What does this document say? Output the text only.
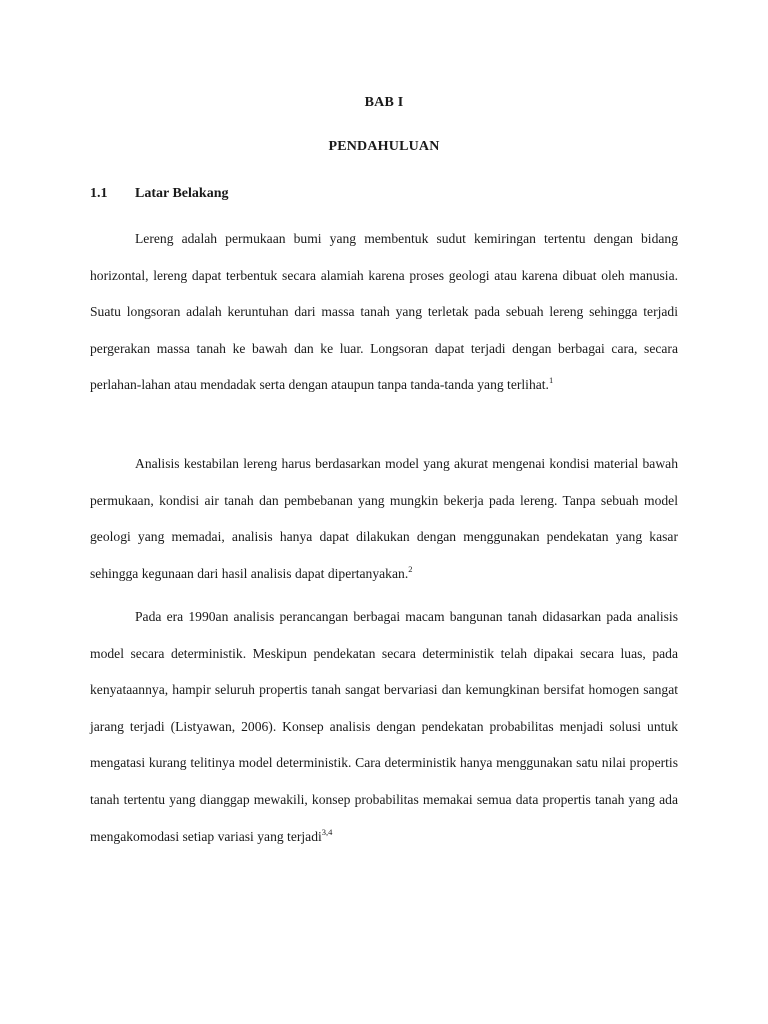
BAB I
PENDAHULUAN
1.1 Latar Belakang

Lereng adalah permukaan bumi yang membentuk sudut kemiringan tertentu dengan bidang horizontal, lereng dapat terbentuk secara alamiah karena proses geologi atau karena dibuat oleh manusia. Suatu longsoran adalah keruntuhan dari massa tanah yang terletak pada sebuah lereng sehingga terjadi pergerakan massa tanah ke bawah dan ke luar. Longsoran dapat terjadi dengan berbagai cara, secara perlahan-lahan atau mendadak serta dengan ataupun tanpa tanda-tanda yang terlihat.$^1$

Analisis kestabilan lereng harus berdasarkan model yang akurat mengenai kondisi material bawah permukaan, kondisi air tanah dan pembebanan yang mungkin bekerja pada lereng. Tanpa sebuah model geologi yang memadai, analisis hanya dapat dilakukan dengan menggunakan pendekatan yang kasar sehingga kegunaan dari hasil analisis dapat dipertanyakan.$^2$

Pada era 1990an analisis perancangan berbagai macam bangunan tanah didasarkan pada analisis model secara deterministik. Meskipun pendekatan secara deterministik telah dipakai secara luas, pada kenyataannya, hampir seluruh propertis tanah sangat bervariasi dan kemungkinan bersifat homogen sangat jarang terjadi (Listyawan, 2006). Konsep analisis dengan pendekatan probabilitas menjadi solusi untuk mengatasi kurang telitinya model deterministik. Cara deterministik hanya menggunakan satu nilai propertis tanah tertentu yang dianggap mewakili, konsep probabilitas memakai semua data propertis tanah yang ada mengakomodasi setiap variasi yang terjadi$^{3,4}$
